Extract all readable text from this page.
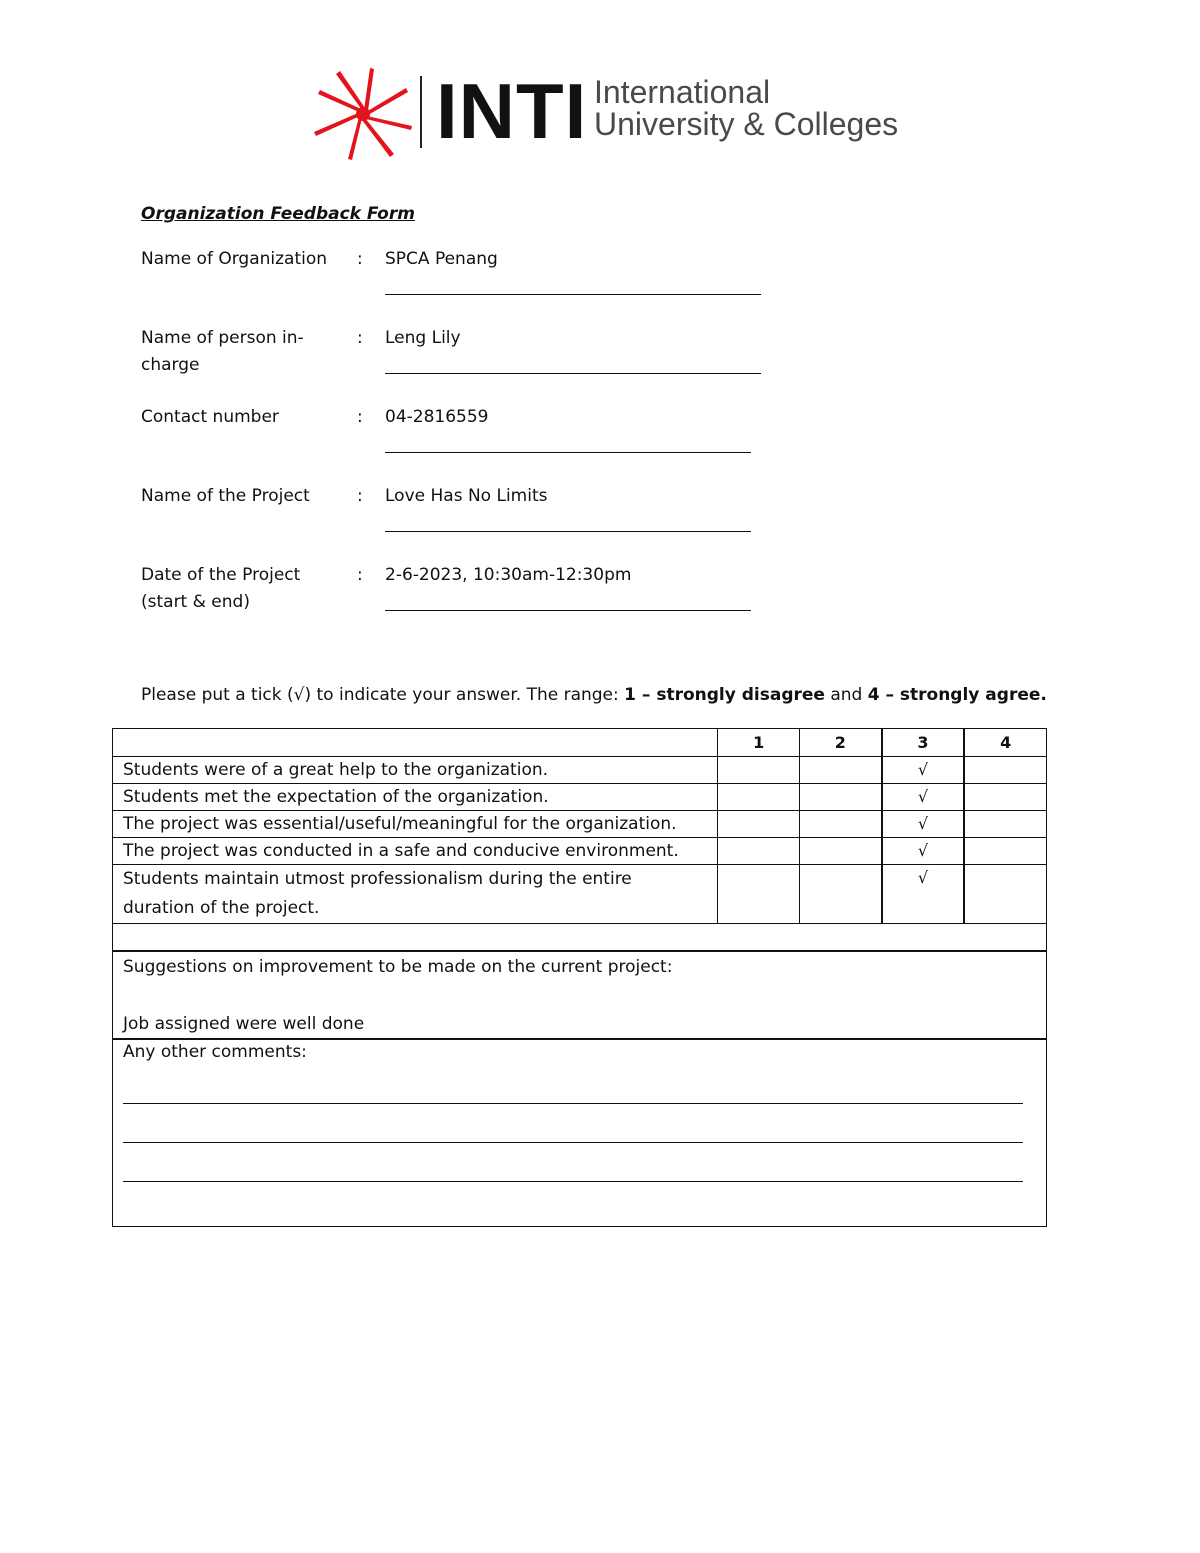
INTI International
University & Colleges
Organization Feedback Form
Name of Organization	: SPCA Penang
Name of person in-charge
: Leng Lily
Contact number	: 04-2816559
Name of the Project	: Love Has No Limits
Date of the Project (start & end)
: 2-6-2023, 10:30am-12:30pm
Please put a tick (√) to indicate your answer. The range: 1 – strongly disagree and 4 – strongly agree.
	1	2	3	4
Students were of a great help to the organization.			√	
Students met the expectation of the organization.			√	
The project was essential/useful/meaningful for the organization.			√	
The project was conducted in a safe and conducive environment.			√	
Students maintain utmost professionalism during the entire duration of the project.			√	

Suggestions on improvement to be made on the current project:
Job assigned were well done				

Any other comments:				
